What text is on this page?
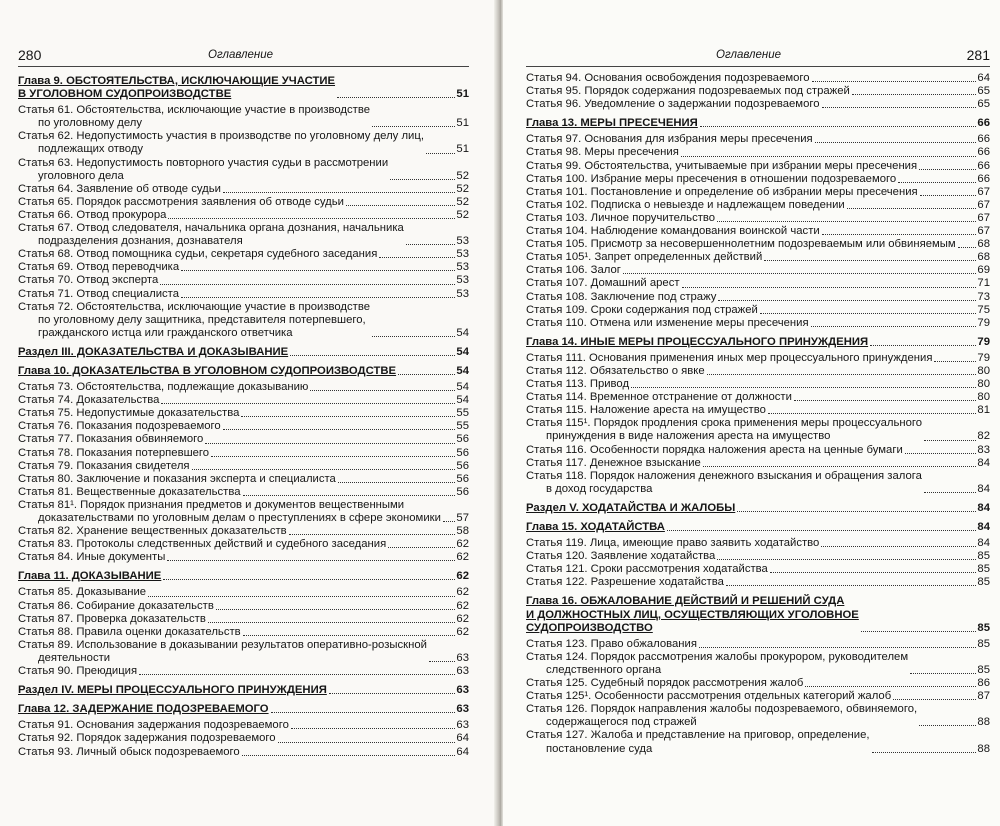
280	Оглавление
Глава 9. ОБСТОЯТЕЛЬСТВА, ИСКЛЮЧАЮЩИЕ УЧАСТИЕ
В УГОЛОВНОМ СУДОПРОИЗВОДСТВЕ	51
Статья 61. Обстоятельства, исключающие участие в производстве
по уголовному делу	51
Статья 62. Недопустимость участия в производстве по уголовному делу лиц,
подлежащих отводу	51
Статья 63. Недопустимость повторного участия судьи в рассмотрении
уголовного дела	52
Статья 64. Заявление об отводе судьи	52
Статья 65. Порядок рассмотрения заявления об отводе судьи	52
Статья 66. Отвод прокурора	52
Статья 67. Отвод следователя, начальника органа дознания, начальника
подразделения дознания, дознавателя	53
Статья 68. Отвод помощника судьи, секретаря судебного заседания	53
Статья 69. Отвод переводчика	53
Статья 70. Отвод эксперта	53
Статья 71. Отвод специалиста	53
Статья 72. Обстоятельства, исключающие участие в производстве
по уголовному делу защитника, представителя потерпевшего,
гражданского истца или гражданского ответчика	54
Раздел III. ДОКАЗАТЕЛЬСТВА И ДОКАЗЫВАНИЕ	54
Глава 10. ДОКАЗАТЕЛЬСТВА В УГОЛОВНОМ СУДОПРОИЗВОДСТВЕ	54
Статья 73. Обстоятельства, подлежащие доказыванию	54
Статья 74. Доказательства	54
Статья 75. Недопустимые доказательства	55
Статья 76. Показания подозреваемого	55
Статья 77. Показания обвиняемого	56
Статья 78. Показания потерпевшего	56
Статья 79. Показания свидетеля	56
Статья 80. Заключение и показания эксперта и специалиста	56
Статья 81. Вещественные доказательства	56
Статья 81¹. Порядок признания предметов и документов вещественными
доказательствами по уголовным делам о преступлениях в сфере экономики 57
Статья 82. Хранение вещественных доказательств	58
Статья 83. Протоколы следственных действий и судебного заседания	62
Статья 84. Иные документы	62
Глава 11. ДОКАЗЫВАНИЕ	62
Статья 85. Доказывание	62
Статья 86. Собирание доказательств	62
Статья 87. Проверка доказательств	62
Статья 88. Правила оценки доказательств	62
Статья 89. Использование в доказывании результатов оперативно-розыскной
деятельности	63
Статья 90. Преюдиция	63
Раздел IV. МЕРЫ ПРОЦЕССУАЛЬНОГО ПРИНУЖДЕНИЯ	63
Глава 12. ЗАДЕРЖАНИЕ ПОДОЗРЕВАЕМОГО	63
Статья 91. Основания задержания подозреваемого	63
Статья 92. Порядок задержания подозреваемого	64
Статья 93. Личный обыск подозреваемого	64
Оглавление	281
Статья 94. Основания освобождения подозреваемого	64
Статья 95. Порядок содержания подозреваемых под стражей	65
Статья 96. Уведомление о задержании подозреваемого	65
Глава 13. МЕРЫ ПРЕСЕЧЕНИЯ	66
Статья 97. Основания для избрания меры пресечения	66
Статья 98. Меры пресечения	66
Статья 99. Обстоятельства, учитываемые при избрании меры пресечения	66
Статья 100. Избрание меры пресечения в отношении подозреваемого	66
Статья 101. Постановление и определение об избрании меры пресечения	67
Статья 102. Подписка о невыезде и надлежащем поведении	67
Статья 103. Личное поручительство	67
Статья 104. Наблюдение командования воинской части	67
Статья 105. Присмотр за несовершеннолетним подозреваемым или обвиняемым 68
Статья 105¹. Запрет определенных действий	68
Статья 106. Залог	69
Статья 107. Домашний арест	71
Статья 108. Заключение под стражу	73
Статья 109. Сроки содержания под стражей	75
Статья 110. Отмена или изменение меры пресечения	79
Глава 14. ИНЫЕ МЕРЫ ПРОЦЕССУАЛЬНОГО ПРИНУЖДЕНИЯ	79
Статья 111. Основания применения иных мер процессуального принуждения	79
Статья 112. Обязательство о явке	80
Статья 113. Привод	80
Статья 114. Временное отстранение от должности	80
Статья 115. Наложение ареста на имущество	81
Статья 115¹. Порядок продления срока применения меры процессуального
принуждения в виде наложения ареста на имущество	82
Статья 116. Особенности порядка наложения ареста на ценные бумаги	83
Статья 117. Денежное взыскание	84
Статья 118. Порядок наложения денежного взыскания и обращения залога
в доход государства	84
Раздел V. ХОДАТАЙСТВА И ЖАЛОБЫ	84
Глава 15. ХОДАТАЙСТВА	84
Статья 119. Лица, имеющие право заявить ходатайство	84
Статья 120. Заявление ходатайства	85
Статья 121. Сроки рассмотрения ходатайства	85
Статья 122. Разрешение ходатайства	85
Глава 16. ОБЖАЛОВАНИЕ ДЕЙСТВИЙ И РЕШЕНИЙ СУДА
И ДОЛЖНОСТНЫХ ЛИЦ, ОСУЩЕСТВЛЯЮЩИХ УГОЛОВНОЕ
СУДОПРОИЗВОДСТВО	85
Статья 123. Право обжалования	85
Статья 124. Порядок рассмотрения жалобы прокурором, руководителем
следственного органа	85
Статья 125. Судебный порядок рассмотрения жалоб	86
Статья 125¹. Особенности рассмотрения отдельных категорий жалоб	87
Статья 126. Порядок направления жалобы подозреваемого, обвиняемого,
содержащегося под стражей	88
Статья 127. Жалоба и представление на приговор, определение,
постановление суда	88
